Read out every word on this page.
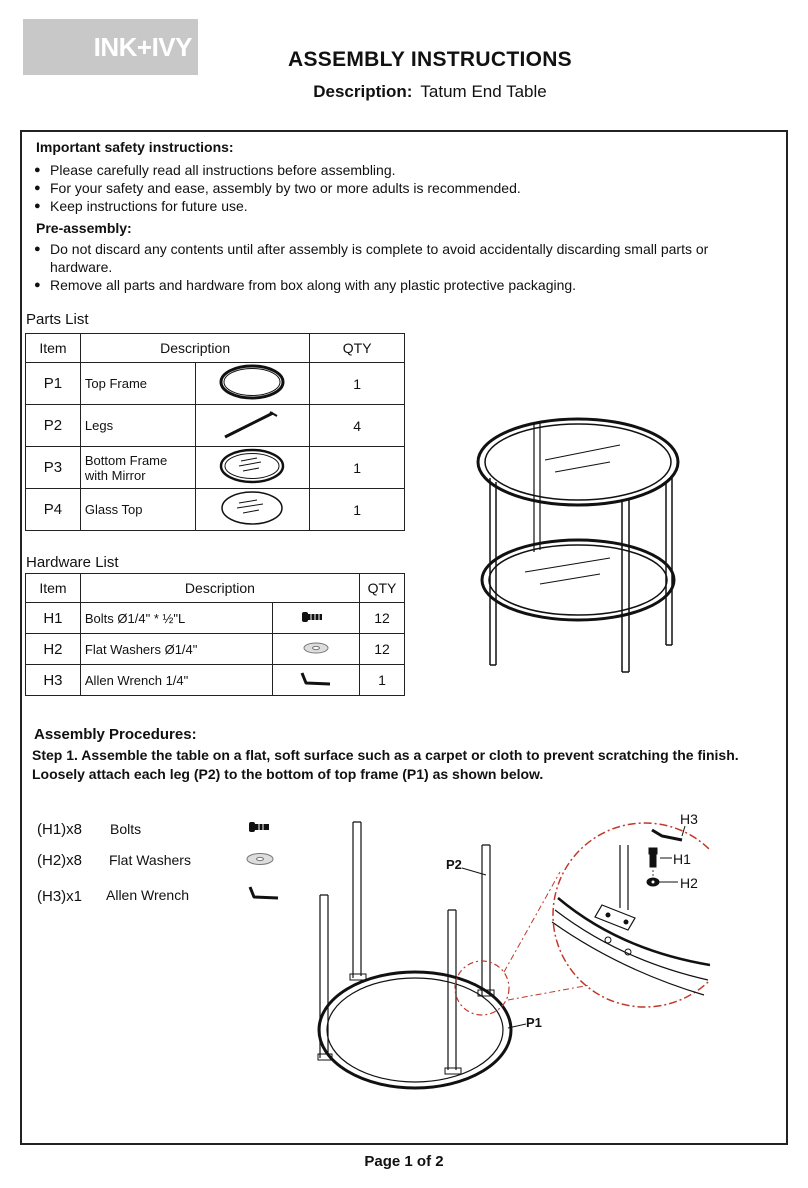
INK+IVY	ASSEMBLY INSTRUCTIONS
Description: Tatum End Table
Important safety instructions:
● Please carefully read all instructions before assembling.
● For your safety and ease, assembly by two or more adults is recommended.
● Keep instructions for future use.
Pre-assembly:
● Do not discard any contents until after assembly is complete to avoid accidentally discarding small parts or hardware.
● Remove all parts and hardware from box along with any plastic protective packaging.
Parts List
Item	Description		QTY
P1	Top Frame		1
P2	Legs		4
P3	Bottom Frame with Mirror		1
P4	Glass Top		1
Hardware List
Item	Description		QTY
H1	Bolts Ø1/4" * ½"L		12
H2	Flat Washers Ø1/4"		12
H3	Allen Wrench 1/4"		1
Assembly Procedures:
Step 1. Assemble the table on a flat, soft surface such as a carpet or cloth to prevent scratching the finish. Loosely attach each leg (P2) to the bottom of top frame (P1) as shown below.
(H1)x8 Bolts
(H2)x8 Flat Washers
(H3)x1 Allen Wrench
P2
P1
H3
H1
H2
Page 1 of 2
